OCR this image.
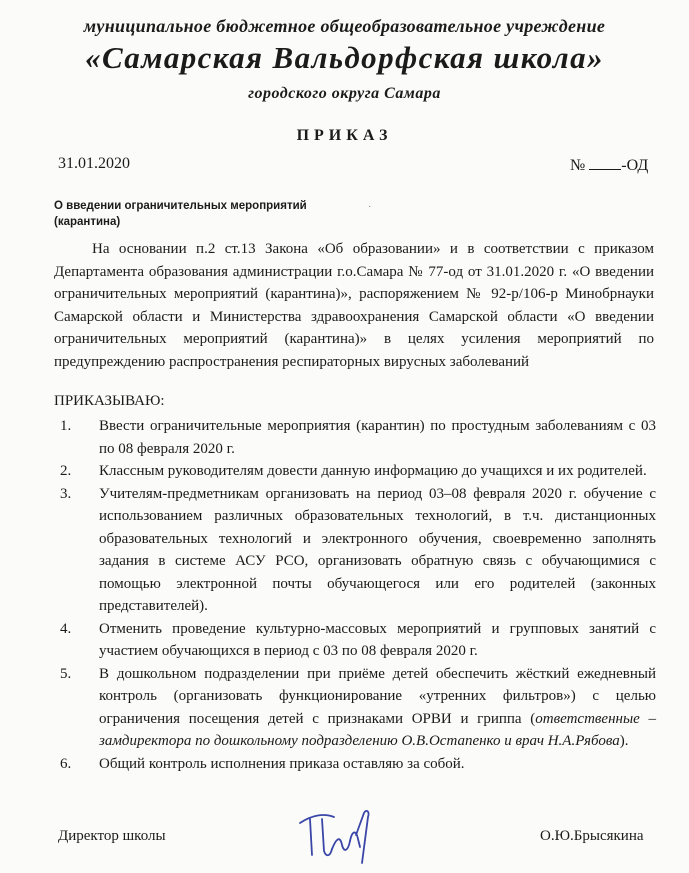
муниципальное бюджетное общеобразовательное учреждение
«Самарская Вальдорфская школа»
городского округа Самара
ПРИКАЗ
31.01.2020	№ -ОД
О введении ограничительных мероприятий
(карантина)
˙
На основании п.2 ст.13 Закона «Об образовании» и в соответствии с приказом Департамента образования администрации г.о.Самара № 77-од от 31.01.2020 г. «О введении ограничительных мероприятий (карантина)», распоряжением № 92-р/106-р Минобрнауки Самарской области и Министерства здравоохранения Самарской области «О введении ограничительных мероприятий (карантина)» в целях усиления мероприятий по предупреждению распространения респираторных вирусных заболеваний
ПРИКАЗЫВАЮ:
1.	Ввести ограничительные мероприятия (карантин) по простудным заболеваниям с 03 по 08 февраля 2020 г.
2.	Классным руководителям довести данную информацию до учащихся и их родителей.
3.	Учителям-предметникам организовать на период 03–08 февраля 2020 г. обучение с использованием различных образовательных технологий, в т.ч. дистанционных образовательных технологий и электронного обучения, своевременно заполнять задания в системе АСУ РСО, организовать обратную связь с обучающимися с помощью электронной почты обучающегося или его родителей (законных представителей).
4.	Отменить проведение культурно-массовых мероприятий и групповых занятий с участием обучающихся в период с 03 по 08 февраля 2020 г.
5.	В дошкольном подразделении при приёме детей обеспечить жёсткий ежедневный контроль (организовать функционирование «утренних фильтров») с целью ограничения посещения детей с признаками ОРВИ и гриппа (ответственные – замдиректора по дошкольному подразделению О.В.Остапенко и врач Н.А.Рябова).
6.	Общий контроль исполнения приказа оставляю за собой.
Директор школы	О.Ю.Брысякина
